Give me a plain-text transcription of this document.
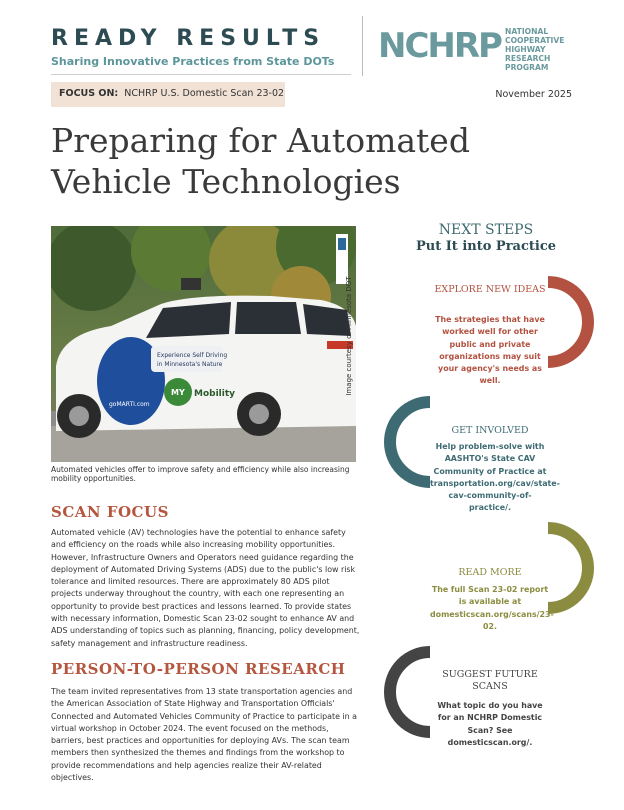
READY RESULTS
Sharing Innovative Practices from State DOTs NCHRP NATIONAL
COOPERATIVE
HIGHWAY
RESEARCH
PROGRAM
FOCUS ON: NCHRP U.S. Domestic Scan 23-02	November 2025
Preparing for Automated
Vehicle Technologies
Experience Self Driving
in Minnesota's Nature
MY Mobility
goMARTI.com
Image courtesy of Minnesota DOT
Automated vehicles offer to improve safety and efficiency while also increasing mobility opportunities.
SCAN FOCUS

Automated vehicle (AV) technologies have the potential to enhance safety and efficiency on the roads while also increasing mobility opportunities. However, Infrastructure Owners and Operators need guidance regarding the deployment of Automated Driving Systems (ADS) due to the public's low risk tolerance and limited resources. There are approximately 80 ADS pilot projects underway throughout the country, with each one representing an opportunity to provide best practices and lessons learned. To provide states with necessary information, Domestic Scan 23-02 sought to enhance AV and ADS understanding of topics such as planning, financing, policy development, safety management and infrastructure readiness.

PERSON-TO-PERSON RESEARCH

The team invited representatives from 13 state transportation agencies and the American Association of State Highway and Transportation Officials' Connected and Automated Vehicles Community of Practice to participate in a virtual workshop in October 2024. The event focused on the methods, barriers, best practices and opportunities for deploying AVs. The scan team members then synthesized the themes and findings from the workshop to provide recommendations and help agencies realize their AV-related objectives.

NEXT STEPS
Put It into Practice
EXPLORE NEW IDEAS

The strategies that have worked well for other public and private organizations may suit your agency's needs as well.

GET INVOLVED

Help problem-solve with AASHTO's State CAV Community of Practice at transportation.org/cav/state-cav-community-of-practice/.

READ MORE

The full Scan 23-02 report is available at domesticscan.org/scans/23-02.

SUGGEST FUTURE SCANS

What topic do you have for an NCHRP Domestic Scan? See domesticscan.org/.
